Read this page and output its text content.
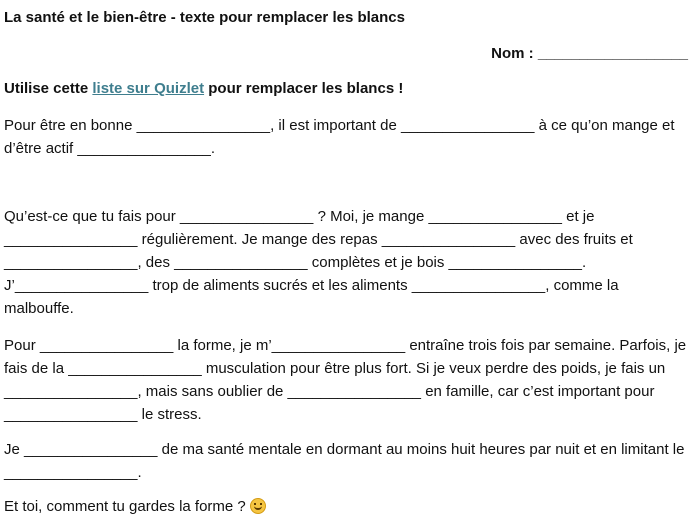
La santé et le bien-être - texte pour remplacer les blancs
Nom : __________________
Utilise cette liste sur Quizlet pour remplacer les blancs !
Pour être en bonne ________________, il est important de ________________ à ce qu’on mange et d’être actif ________________.
Qu’est-ce que tu fais pour ________________ ? Moi, je mange ________________ et je ________________ régulièrement. Je mange des repas ________________ avec des fruits et ________________, des ________________ complètes et je bois ________________. J’________________ trop de aliments sucrés et les aliments ________________, comme la malbouffe.
Pour ________________ la forme, je m’________________ entraîne trois fois par semaine. Parfois, je fais de la ________________ musculation pour être plus fort. Si je veux perdre des poids, je fais un ________________, mais sans oublier de ________________ en famille, car c’est important pour ________________ le stress.
Je ________________ de ma santé mentale en dormant au moins huit heures par nuit et en limitant le ________________.
Et toi, comment tu gardes la forme ?
